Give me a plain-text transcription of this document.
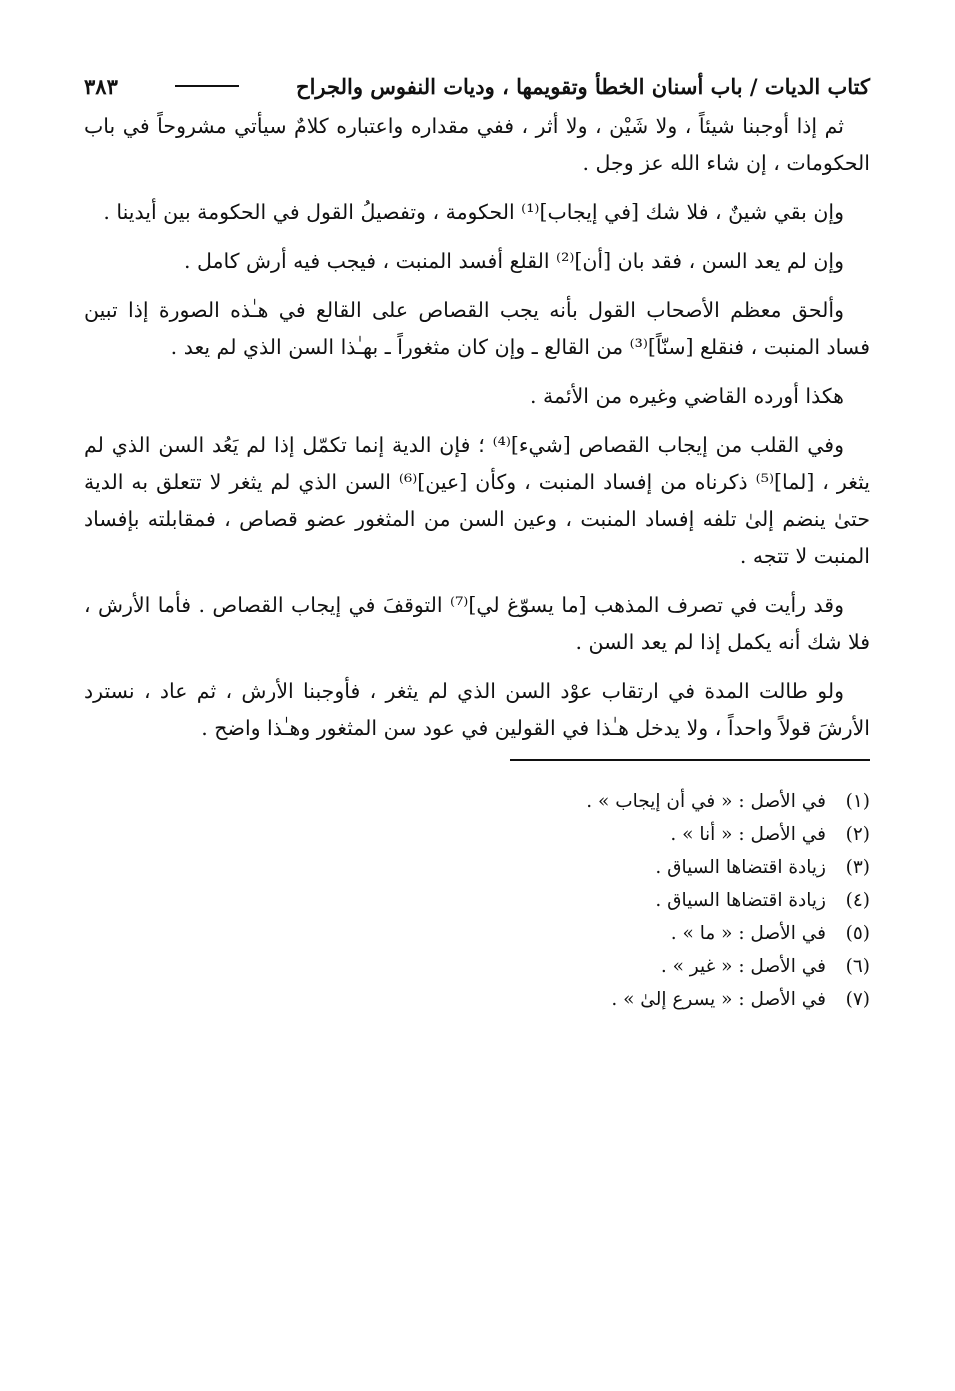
كتاب الديات / باب أسنان الخطأ وتقويمها ، وديات النفوس والجراح
٣٨٣

ثم إذا أوجبنا شيئاً ، ولا شَيْن ، ولا أثر ، ففي مقداره واعتباره كلامٌ سيأتي مشروحاً في باب الحكومات ، إن شاء الله عز وجل .

وإن بقي شينٌ ، فلا شك [في إيجاب]⁽¹⁾ الحكومة ، وتفصيلُ القول في الحكومة بين أيدينا .

وإن لم يعد السن ، فقد بان [أن]⁽²⁾ القلع أفسد المنبت ، فيجب فيه أرش كامل .

وألحق معظم الأصحاب القول بأنه يجب القصاص على القالع في هـٰذه الصورة إذا تبين فساد المنبت ، فنقلع [سنّاً]⁽³⁾ من القالع ـ وإن كان مثغوراً ـ بهـٰذا السن الذي لم يعد .

هكذا أورده القاضي وغيره من الأئمة .

وفي القلب من إيجاب القصاص [شيء]⁽⁴⁾ ؛ فإن الدية إنما تكمّل إذا لم يَعُد السن الذي لم يثغر ، [لما]⁽⁵⁾ ذكرناه من إفساد المنبت ، وكأن [عين]⁽⁶⁾ السن الذي لم يثغر لا تتعلق به الدية حتىٰ ينضم إلىٰ تلفه إفساد المنبت ، وعين السن من المثغور عضو قصاص ، فمقابلته بإفساد المنبت لا تتجه .

وقد رأيت في تصرف المذهب [ما يسوّغ لي]⁽⁷⁾ التوقفَ في إيجاب القصاص . فأما الأرش ، فلا شك أنه يكمل إذا لم يعد السن .

ولو طالت المدة في ارتقاب عوْد السن الذي لم يثغر ، فأوجبنا الأرش ، ثم عاد ، نسترد الأرشَ قولاً واحداً ، ولا يدخل هـٰذا في القولين في عود سن المثغور وهـٰذا واضح .

(١)
في الأصل : « في أن إيجاب » .
(٢)
في الأصل : « أنا » .
(٣)
زيادة اقتضاها السياق .
(٤)
زيادة اقتضاها السياق .
(٥)
في الأصل : « ما » .
(٦)
في الأصل : « غير » .
(٧)
في الأصل : « يسرع إلىٰ » .
